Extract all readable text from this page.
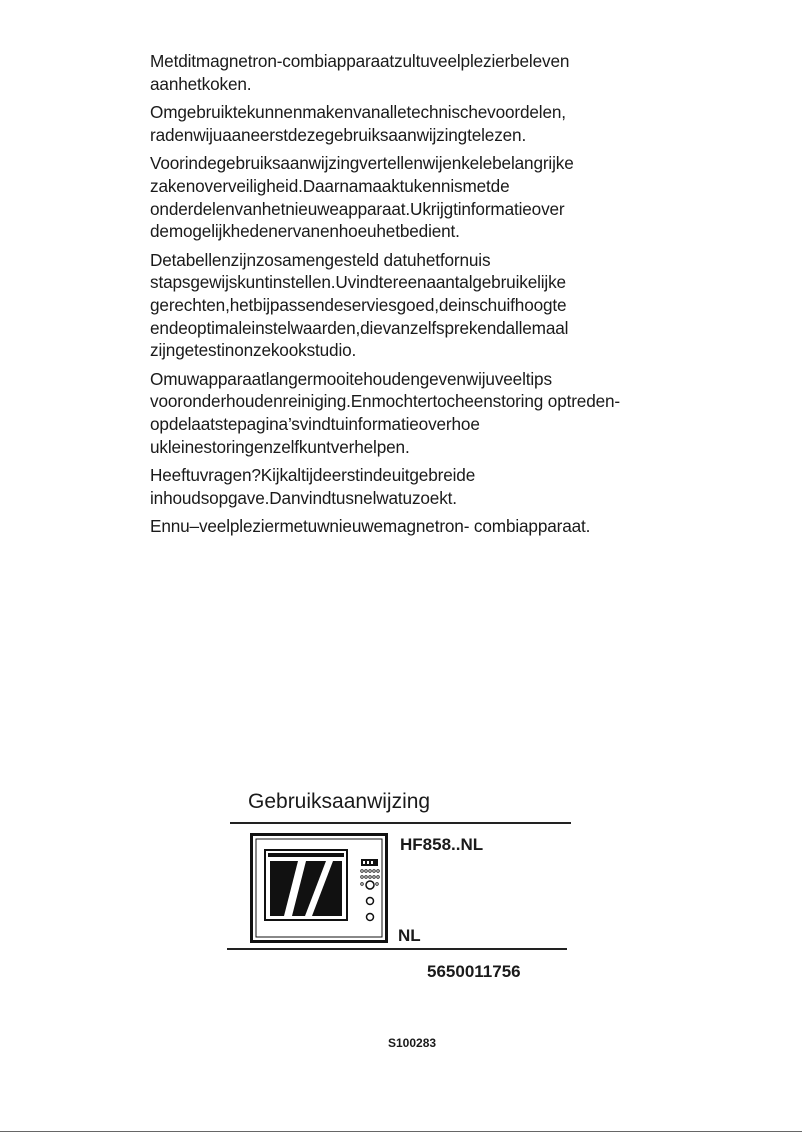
Metditmagnetron-combiapparaatzultuveelplezierbeleven aanhetkoken.

Omgebruiktekunnenmakenvanalletechnischevoordelen, radenwijuaaneerstdezegebruiksaanwijzingtelezen.

Voorindegebruiksaanwijzingvertellenwijenkelebelangrijke zakenoverveiligheid.Daarnamaaktukennismetde onderdelenvanhetnieuweapparaat.Ukrijgtinformatieover demogelijkhedenervanenhoeuhetbedient.

Detabellenzijnzosamengesteld datuhetfornuis stapsgewijskuntinstellen.Uvindtereenaantalgebruikelijke gerechten,hetbijpassendeserviesgoed,deinschuifhoogte endeoptimaleinstelwaarden,dievanzelfsprekendallemaal zijngetestinonzekookstudio.

Omuwapparaatlangermooitehoudengevenwijuveeltips vooronderhoudenreiniging.Enmochtertocheenstoring optreden-opdelaatstepagina’svindtuinformatieoverhoe ukleinestoringenzelfkuntverhelpen.

Heeftuvragen?Kijkaltijdeerstindeuitgebreide inhoudsopgave.Danvindtusnelwatuzoekt.

Ennu–veelpleziermetuwnieuwemagnetron- combiapparaat.

Gebruiksaanwijzing
HF858..NL
NL
5650011756
S100283
